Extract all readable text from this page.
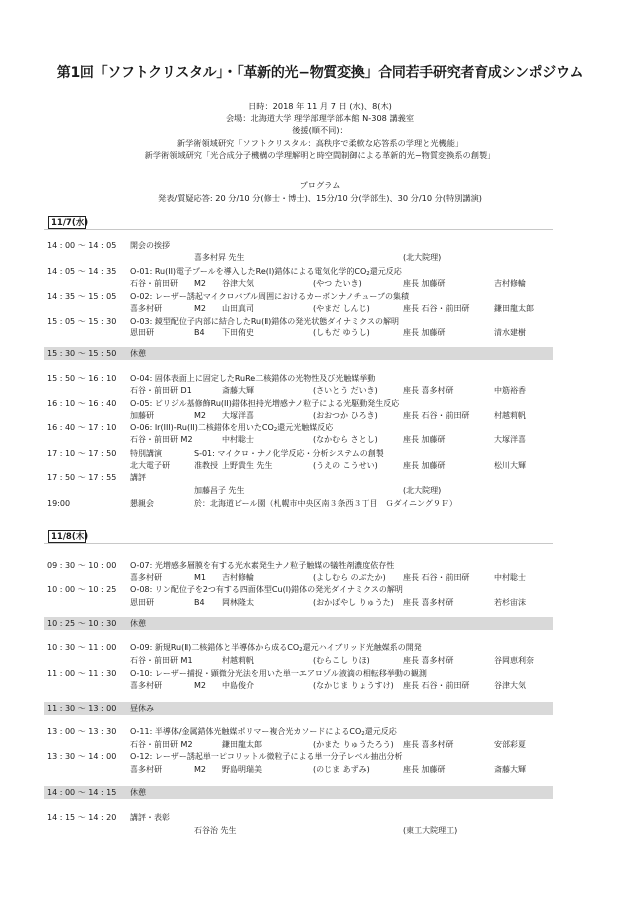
第1回「ソフトクリスタル」・「革新的光−物質変換」合同若手研究者育成シンポジウム
日時：2018 年 11 月 7 日 (水)、8(木)
会場：北海道大学 理学部理学部本館 N-308 講義室
後援(順不同)：
新学術領域研究「ソフトクリスタル：高秩序で柔軟な応答系の学理と光機能」
新学術領域研究「光合成分子機構の学理解明と時空間制御による革新的光−物質変換系の創製」
プログラム
発表/質疑応答: 20 分/10 分(修士・博士)、15分/10 分(学部生)、30 分/10 分(特別講演)
11/7(水)
14 : 00 ～ 14 : 05 開会の挨拶
喜多村昇 先生	(北大院理)
14 : 05 ～ 14 : 35 O-01: Ru(II)電子プールを導入したRe(I)錯体による電気化学的$CO_2$還元反応
石谷・前田研 M2 谷津大気	(やつ たいき)	座長 加藤研	吉村修輪
14 : 35 ～ 15 : 05 O-02: レーザー誘起マイクロバブル周囲におけるカーボンナノチューブの集積
喜多村研	M2 山田真司	(やまだ しんじ)	座長 石谷・前田研	鎌田龍太郎
15 : 05 ～ 15 : 30 O-03: 鏡型配位子内部に結合したRu(Ⅱ)錯体の発光状態ダイナミクスの解明
恩田研	B4 下田侑史	(しもだ ゆうし)	座長 加藤研	清水建樹
15 : 30 ～ 15 : 50 休憩
15 : 50 ～ 16 : 10 O-04: 固体表面上に固定したRuRe二核錯体の光物性及び光触媒挙動
石谷・前田研 D1	斎藤大輝	(さいとう だいき)	座長 喜多村研	中筋裕香
16 : 10 ～ 16 : 40 O-05: ビリジル基修飾Ru(II)錯体担持光増感ナノ粒子による光駆動発生反応
加藤研	M2 大塚洋喜	(おおつか ひろき)	座長 石谷・前田研	村越莉帆
16 : 40 ～ 17 : 10 O-06: Ir(III)-Ru(II)二核錯体を用いた$CO_2$還元光触媒反応
石谷・前田研 M2	中村聡士	(なかむら さとし)	座長 加藤研	大塚洋喜
17 : 10 ～ 17 : 50 特別講演	S-01: マイクロ・ナノ化学反応・分析システムの創製
北大電子研	准教授 上野貴生 先生	(うえの こうせい)	座長 加藤研	松川大輝
17 : 50 ～ 17 : 55 講評
加藤昌子 先生	(北大院理)
19:00	懇親会	於：北海道ビール園（札幌市中央区南３条西３丁目　Ｇダイニング９Ｆ）
11/8(木)
09 : 30 ～ 10 : 00 O-07: 光増感多層膜を有する光水素発生ナノ粒子触媒の犠牲剤濃度依存性
喜多村研	M1 吉村修輪	(よしむら のぶたか) 座長 石谷・前田研	中村聡士
10 : 00 ～ 10 : 25 O-08: リン配位子を2つ有する四面体型Cu(Ⅰ)錯体の発光ダイナミクスの解明
恩田研	B4 岡林隆太	(おかばやし りゅうた) 座長 喜多村研	若杉宙沫
10 : 25 ～ 10 : 30 休憩
10 : 30 ～ 11 : 00 O-09: 新規Ru(Ⅱ)二核錯体と半導体から成る$CO_2$還元ハイブリッド光触媒系の開発
石谷・前田研 M1	村越莉帆	(むらこし りほ)	座長 喜多村研	谷岡恵利奈
11 : 00 ～ 11 : 30 O-10: レーザー捕捉・顕微分光法を用いた単一エアロゾル液滴の相転移挙動の観測
喜多村研	M2 中島俊介	(なかじま りょうすけ) 座長 石谷・前田研	谷津大気
11 : 30 ～ 13 : 00 昼休み
13 : 00 ～ 13 : 30 O-11: 半導体/金属錯体光触媒ポリマー複合光カソードによる$CO_2$還元反応
石谷・前田研 M2	鎌田龍太郎	(かまた りゅうたろう) 座長 喜多村研	安部彩夏
13 : 30 ～ 14 : 00 O-12: レーザー誘起単一ピコリットル微粒子による単一分子レベル抽出分析
喜多村研	M2 野島明瑞美	(のじま あずみ)	座長 加藤研	斎藤大輝
14 : 00 ～ 14 : 15 休憩
14 : 15 ～ 14 : 20 講評・表彰
石谷治 先生	(東工大院理工)
